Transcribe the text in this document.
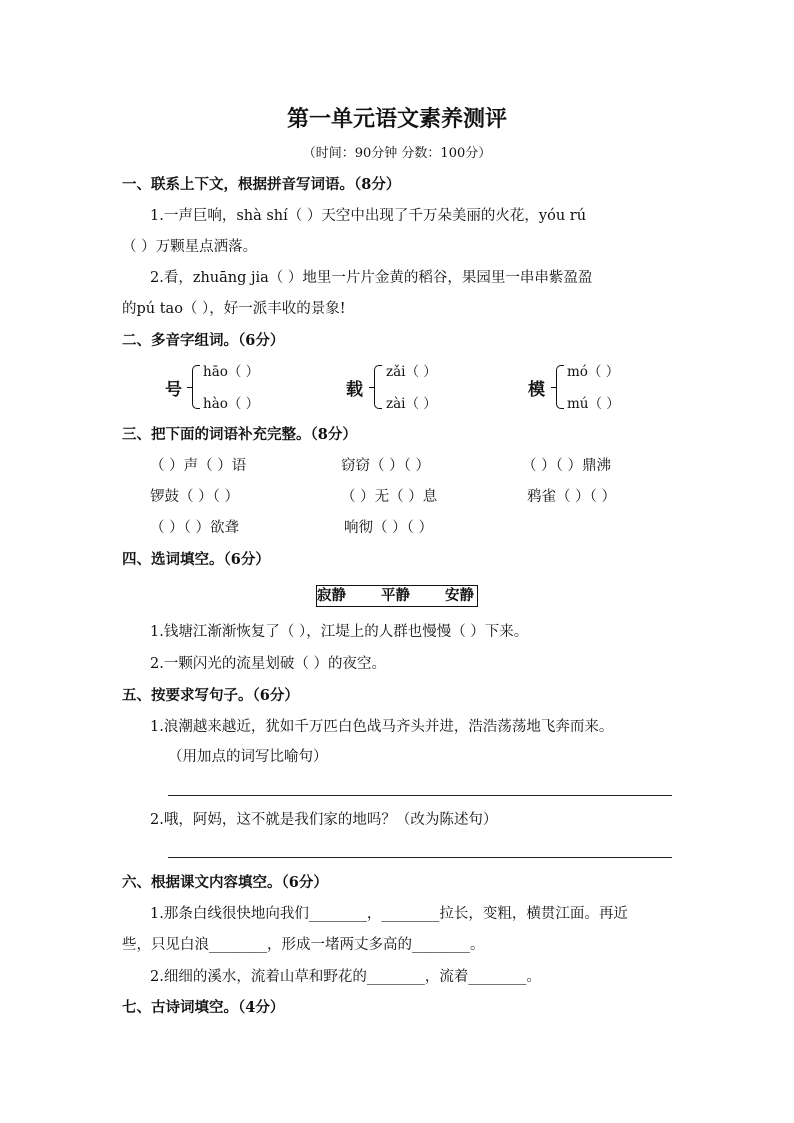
第一单元语文素养测评
（时间：90分钟 分数：100分）
一、联系上下文，根据拼音写词语。（8分）
1.一声巨响，shà shí（ ）天空中出现了千万朵美丽的火花，yóu rú
（ ）万颗星点洒落。
2.看，zhuāng jia（ ）地里一片片金黄的稻谷，果园里一串串紫盈盈
的pú tao（ ），好一派丰收的景象!
二、多音字组词。（6分）
号
hāo（ ）
hào（ ）
载
zǎi（ ）
zài（ ）
模
mó（ ）
mú（ ）
三、把下面的词语补充完整。（8分）
（ ）声（ ）语	窃窃（ ）（ ）	（ ）（ ）鼎沸
锣鼓（ ）（ ）	（ ）无（ ）息	鸦雀（ ）（ ）
（ ）（ ）欲聋	响彻（ ）（ ）
四、选词填空。（6分）
寂静 平静 安静
1.钱塘江渐渐恢复了（ ），江堤上的人群也慢慢（ ）下来。
2.一颗闪光的流星划破（ ）的夜空。
五、按要求写句子。（6分）
1.浪潮越来越近，犹如千万匹白色战马齐头并进，浩浩荡荡地飞奔而来。
（用加点的词写比喻句）
2.哦，阿妈，这不就是我们家的地吗？（改为陈述句）
六、根据课文内容填空。（6分）
1.那条白线很快地向我们________，________拉长，变粗，横贯江面。再近
些，只见白浪________，形成一堵两丈多高的________。
2.细细的溪水，流着山草和野花的________，流着________。
七、古诗词填空。（4分）
